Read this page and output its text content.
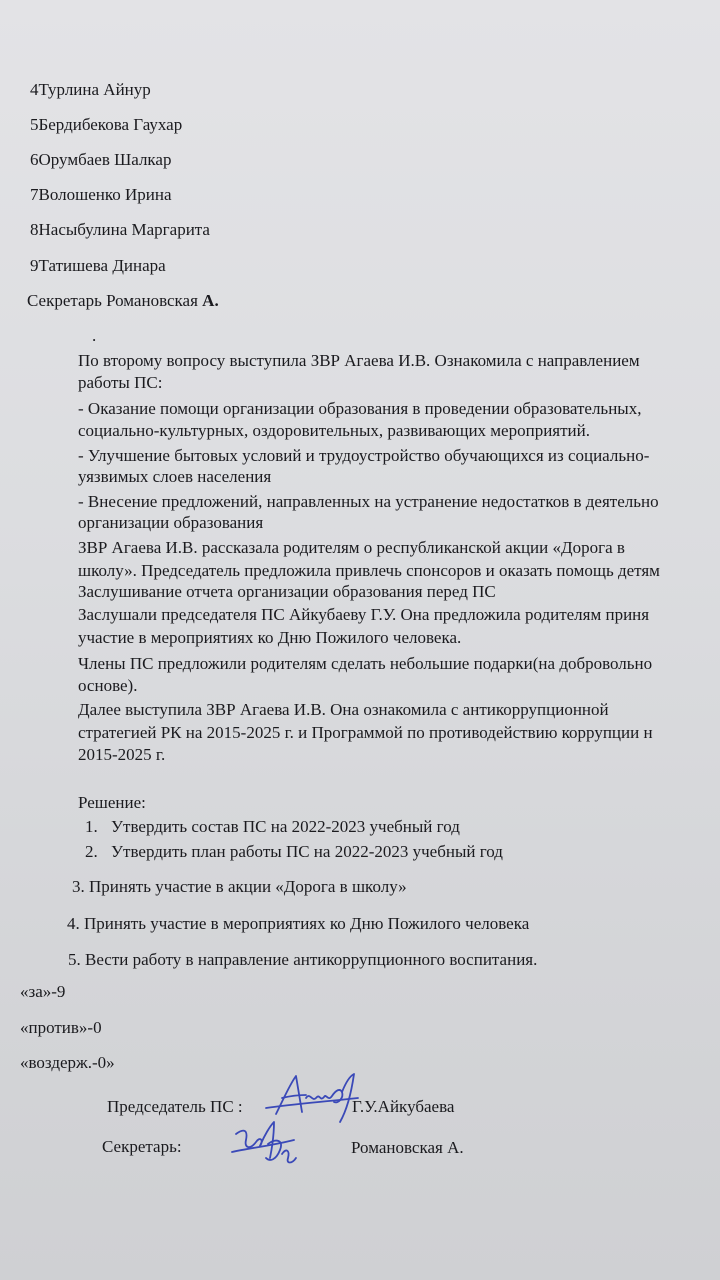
4Турлина Айнур
5Бердибекова Гаухар
6Орумбаев Шалкар
7Волошенко Ирина
8Насыбулина Маргарита
9Татишева Динара
Секретарь Романовская А.
.
По второму вопросу выступила ЗВР Агаева И.В. Ознакомила с направлением
работы ПС:
- Оказание помощи организации образования в проведении образовательных,
социально-культурных, оздоровительных, развивающих мероприятий.
- Улучшение бытовых условий и трудоустройство обучающихся из социально-
уязвимых слоев населения
- Внесение предложений, направленных на устранение недостатков в деятельно
организации образования
ЗВР Агаева И.В. рассказала родителям о республиканской акции «Дорога в
школу». Председатель предложила привлечь спонсоров и оказать помощь детям
Заслушивание отчета организации образования перед ПС
Заслушали председателя ПС Айкубаеву Г.У. Она предложила родителям приня
участие в мероприятиях ко Дню Пожилого человека.
Члены ПС предложили родителям сделать небольшие подарки(на добровольно
основе).
Далее выступила ЗВР Агаева И.В. Она ознакомила с антикоррупционной
стратегией РК на 2015-2025 г. и Программой по противодействию коррупции н
2015-2025 г.
Решение:
1. Утвердить состав ПС на 2022-2023 учебный год
2. Утвердить план работы ПС на 2022-2023 учебный год
3. Принять участие в акции «Дорога в школу»
4. Принять участие в мероприятиях ко Дню Пожилого человека
5. Вести работу в направление антикоррупционного воспитания.
«за»-9
«против»-0
«воздерж.-0»
Председатель ПС :	Г.У.Айкубаева
Секретарь:	Романовская А.
